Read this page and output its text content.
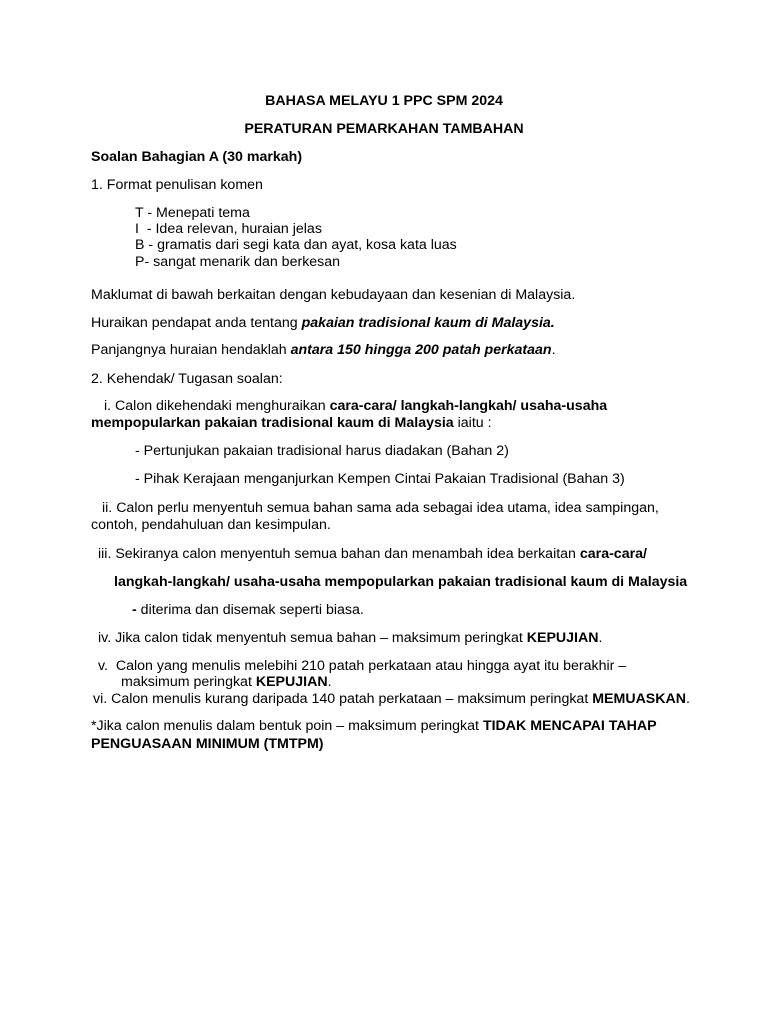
BAHASA MELAYU 1 PPC SPM 2024
PERATURAN PEMARKAHAN TAMBAHAN
Soalan Bahagian A (30 markah)
1. Format penulisan komen
T - Menepati tema
I  - Idea relevan, huraian jelas
B - gramatis dari segi kata dan ayat, kosa kata luas
P- sangat menarik dan berkesan
Maklumat di bawah berkaitan dengan kebudayaan dan kesenian di Malaysia.
Huraikan pendapat anda tentang pakaian tradisional kaum di Malaysia.
Panjangnya huraian hendaklah antara 150 hingga 200 patah perkataan.
2. Kehendak/ Tugasan soalan:
i. Calon dikehendaki menghuraikan cara-cara/ langkah-langkah/ usaha-usaha
mempopularkan pakaian tradisional kaum di Malaysia iaitu :
- Pertunjukan pakaian tradisional harus diadakan (Bahan 2)
- Pihak Kerajaan menganjurkan Kempen Cintai Pakaian Tradisional (Bahan 3)
ii. Calon perlu menyentuh semua bahan sama ada sebagai idea utama, idea sampingan,
contoh, pendahuluan dan kesimpulan.
iii. Sekiranya calon menyentuh semua bahan dan menambah idea berkaitan cara-cara/
langkah-langkah/ usaha-usaha mempopularkan pakaian tradisional kaum di Malaysia
- diterima dan disemak seperti biasa.
iv. Jika calon tidak menyentuh semua bahan – maksimum peringkat KEPUJIAN.
v.  Calon yang menulis melebihi 210 patah perkataan atau hingga ayat itu berakhir –
maksimum peringkat KEPUJIAN.
vi. Calon menulis kurang daripada 140 patah perkataan – maksimum peringkat MEMUASKAN.
*Jika calon menulis dalam bentuk poin – maksimum peringkat TIDAK MENCAPAI TAHAP
PENGUASAAN MINIMUM (TMTPM)
